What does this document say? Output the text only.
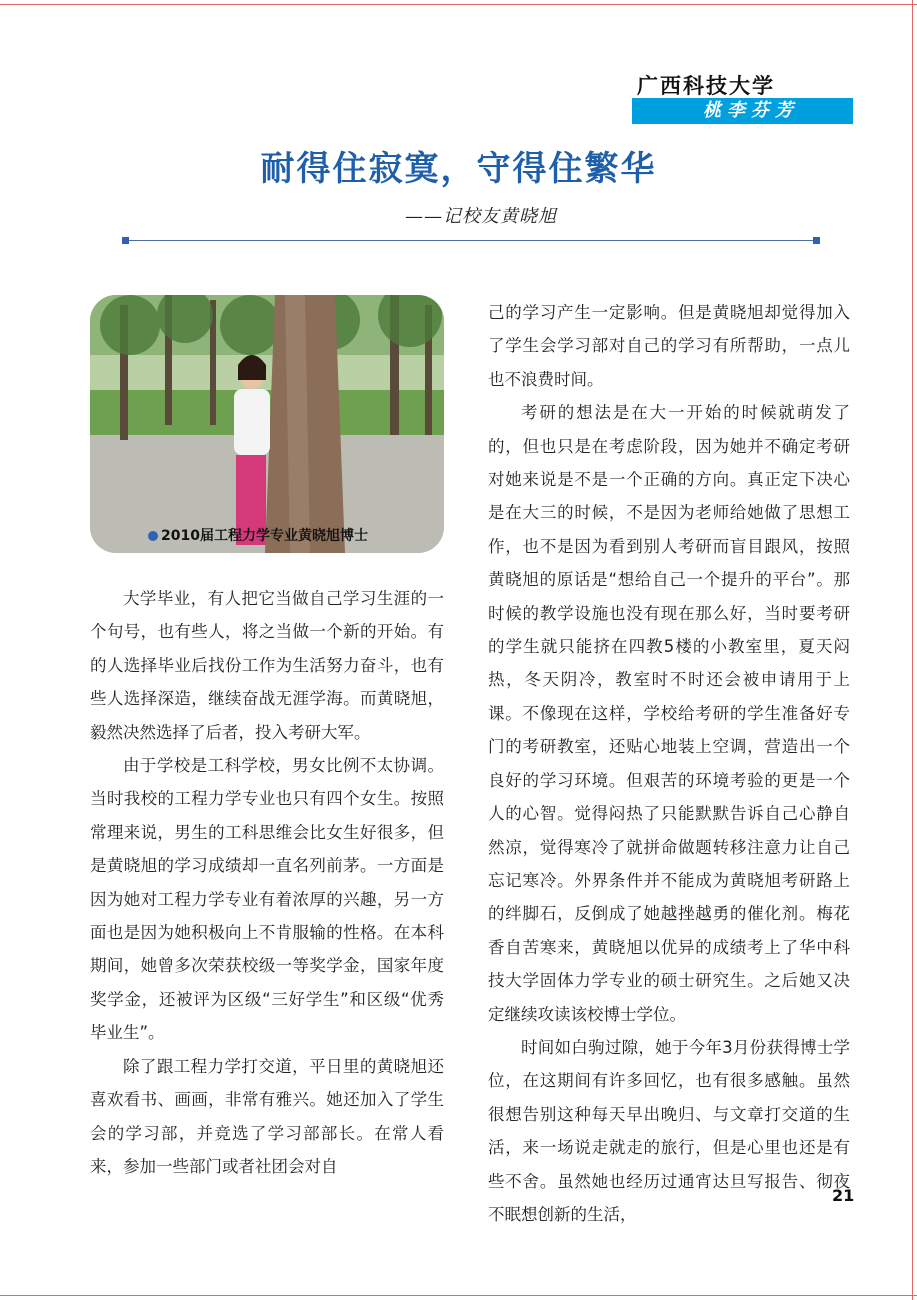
广西科技大学
桃李芬芳
耐得住寂寞，守得住繁华
——记校友黄晓旭
2010届工程力学专业黄晓旭博士

大学毕业，有人把它当做自己学习生涯的一个句号，也有些人，将之当做一个新的开始。有的人选择毕业后找份工作为生活努力奋斗，也有些人选择深造，继续奋战无涯学海。而黄晓旭，毅然决然选择了后者，投入考研大军。

由于学校是工科学校，男女比例不太协调。当时我校的工程力学专业也只有四个女生。按照常理来说，男生的工科思维会比女生好很多，但是黄晓旭的学习成绩却一直名列前茅。一方面是因为她对工程力学专业有着浓厚的兴趣，另一方面也是因为她积极向上不肯服输的性格。在本科期间，她曾多次荣获校级一等奖学金，国家年度奖学金，还被评为区级“三好学生”和区级“优秀毕业生”。

除了跟工程力学打交道，平日里的黄晓旭还喜欢看书、画画，非常有雅兴。她还加入了学生会的学习部，并竞选了学习部部长。在常人看来，参加一些部门或者社团会对自

己的学习产生一定影响。但是黄晓旭却觉得加入了学生会学习部对自己的学习有所帮助，一点儿也不浪费时间。

考研的想法是在大一开始的时候就萌发了的，但也只是在考虑阶段，因为她并不确定考研对她来说是不是一个正确的方向。真正定下决心是在大三的时候，不是因为老师给她做了思想工作，也不是因为看到别人考研而盲目跟风，按照黄晓旭的原话是“想给自己一个提升的平台”。那时候的教学设施也没有现在那么好，当时要考研的学生就只能挤在四教5楼的小教室里，夏天闷热，冬天阴冷，教室时不时还会被申请用于上课。不像现在这样，学校给考研的学生准备好专门的考研教室，还贴心地装上空调，营造出一个良好的学习环境。但艰苦的环境考验的更是一个人的心智。觉得闷热了只能默默告诉自己心静自然凉，觉得寒冷了就拼命做题转移注意力让自己忘记寒冷。外界条件并不能成为黄晓旭考研路上的绊脚石，反倒成了她越挫越勇的催化剂。梅花香自苦寒来，黄晓旭以优异的成绩考上了华中科技大学固体力学专业的硕士研究生。之后她又决定继续攻读该校博士学位。

时间如白驹过隙，她于今年3月份获得博士学位，在这期间有许多回忆，也有很多感触。虽然很想告别这种每天早出晚归、与文章打交道的生活，来一场说走就走的旅行，但是心里也还是有些不舍。虽然她也经历过通宵达旦写报告、彻夜不眠想创新的生活，

21
